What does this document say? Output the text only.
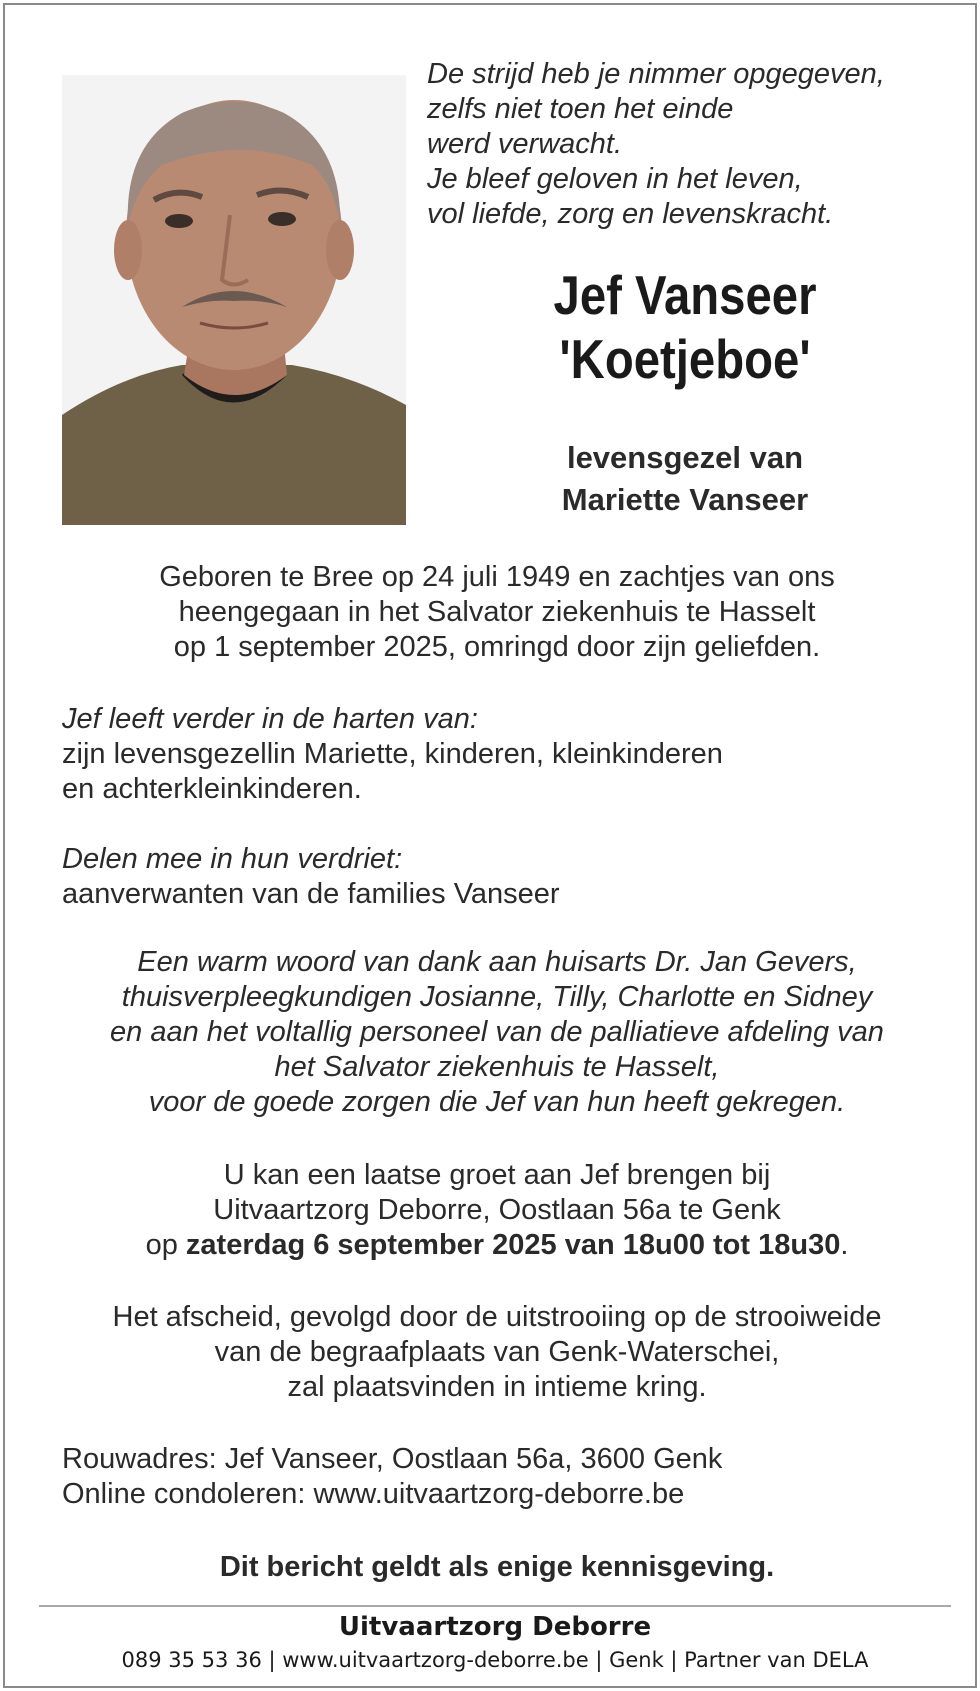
De strijd heb je nimmer opgegeven,
zelfs niet toen het einde
werd verwacht.
Je bleef geloven in het leven,
vol liefde, zorg en levenskracht.
Jef Vanseer
'Koetjeboe'
levensgezel van
Mariette Vanseer
Geboren te Bree op 24 juli 1949 en zachtjes van ons
heengegaan in het Salvator ziekenhuis te Hasselt
op 1 september 2025, omringd door zijn geliefden.
Jef leeft verder in de harten van:
zijn levensgezellin Mariette, kinderen, kleinkinderen
en achterkleinkinderen.
Delen mee in hun verdriet:
aanverwanten van de families Vanseer
Een warm woord van dank aan huisarts Dr. Jan Gevers,
thuisverpleegkundigen Josianne, Tilly, Charlotte en Sidney
en aan het voltallig personeel van de palliatieve afdeling van
het Salvator ziekenhuis te Hasselt,
voor de goede zorgen die Jef van hun heeft gekregen.
U kan een laatse groet aan Jef brengen bij
Uitvaartzorg Deborre, Oostlaan 56a te Genk
op zaterdag 6 september 2025 van 18u00 tot 18u30.
Het afscheid, gevolgd door de uitstrooiing op de strooiweide
van de begraafplaats van Genk-Waterschei,
zal plaatsvinden in intieme kring.
Rouwadres: Jef Vanseer, Oostlaan 56a, 3600 Genk
Online condoleren: www.uitvaartzorg-deborre.be
Dit bericht geldt als enige kennisgeving.
Uitvaartzorg Deborre
089 35 53 36 | www.uitvaartzorg-deborre.be | Genk | Partner van DELA
